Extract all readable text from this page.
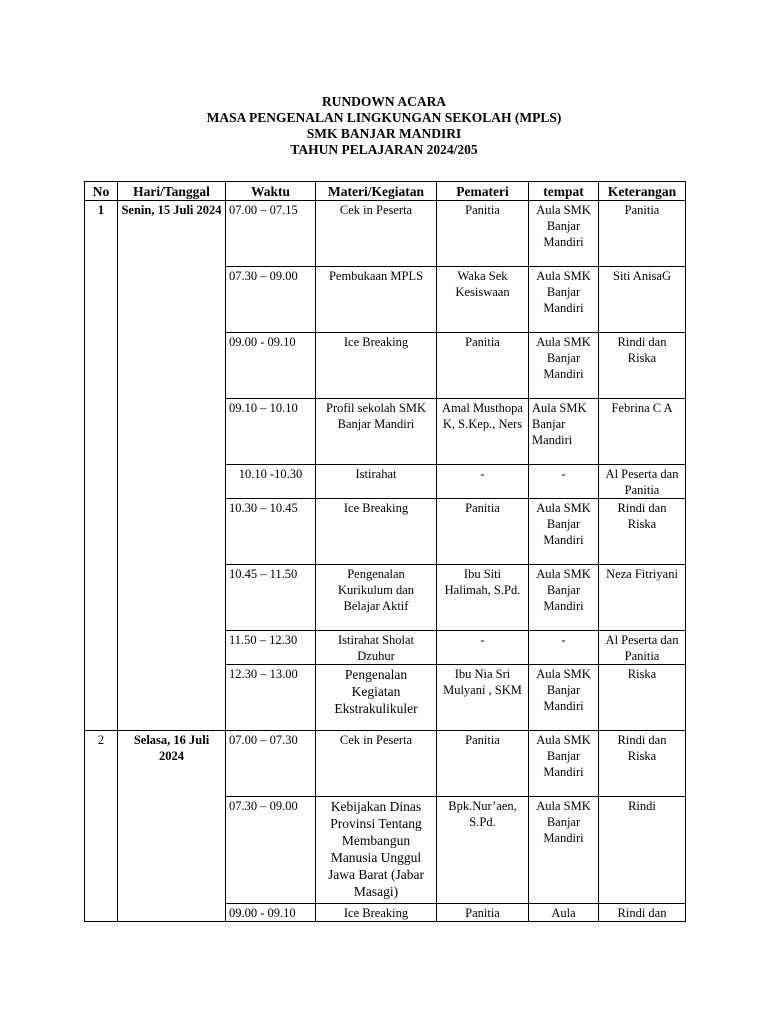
RUNDOWN ACARA
MASA PENGENALAN LINGKUNGAN SEKOLAH (MPLS)
SMK BANJAR MANDIRI
TAHUN PELAJARAN 2024/205
No	Hari/Tanggal	Waktu	Materi/Kegiatan	Pemateri	tempat	Keterangan
1	Senin, 15 Juli 2024	07.00 – 07.15	Cek in Peserta	Panitia	Aula SMK Banjar Mandiri	Panitia
		07.30 – 09.00	Pembukaan MPLS	Waka Sek Kesiswaan	Aula SMK Banjar Mandiri	Siti AnisaG
		09.00 - 09.10	Ice Breaking	Panitia	Aula SMK Banjar Mandiri	Rindi dan Riska
		09.10 – 10.10	Profil sekolah SMK Banjar Mandiri	Amal Musthopa K, S.Kep., Ners	Aula SMK Banjar Mandiri	Febrina C A
		10.10 -10.30	Istirahat	-	-	Al Peserta dan Panitia
		10.30 – 10.45	Ice Breaking	Panitia	Aula SMK Banjar Mandiri	Rindi dan Riska
		10.45 – 11.50	Pengenalan Kurikulum dan Belajar Aktif	Ibu Siti Halimah, S.Pd.	Aula SMK Banjar Mandiri	Neza Fitriyani
		11.50 – 12.30	Istirahat Sholat Dzuhur	-	-	Al Peserta dan Panitia
		12.30 – 13.00	Pengenalan Kegiatan Ekstrakulikuler	Ibu Nia Sri Mulyani , SKM	Aula SMK Banjar Mandiri	Riska
2	Selasa, 16 Juli 2024	07.00 – 07.30	Cek in Peserta	Panitia	Aula SMK Banjar Mandiri	Rindi dan Riska
		07.30 – 09.00	Kebijakan Dinas Provinsi Tentang Membangun Manusia Unggul Jawa Barat (Jabar Masagi)	Bpk.Nur’aen, S.Pd.	Aula SMK Banjar Mandiri	Rindi
		09.00 - 09.10	Ice Breaking	Panitia	Aula	Rindi dan
